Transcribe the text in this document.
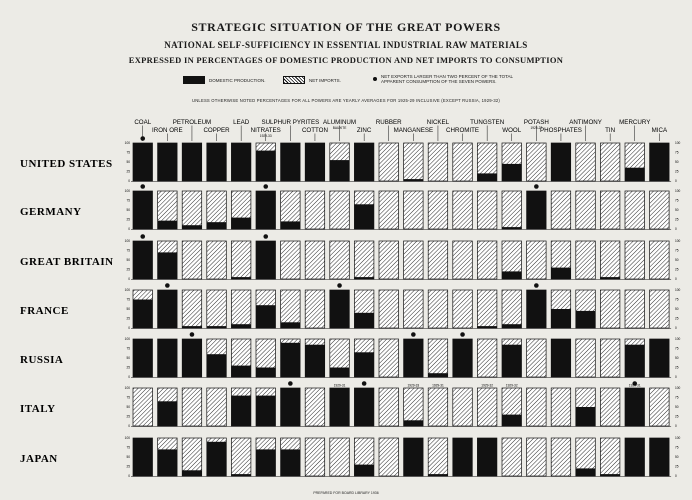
STRATEGIC SITUATION OF THE GREAT POWERS
NATIONAL SELF-SUFFICIENCY IN ESSENTIAL INDUSTRIAL RAW MATERIALS
EXPRESSED IN PERCENTAGES OF DOMESTIC PRODUCTION AND NET IMPORTS TO CONSUMPTION
DOMESTIC PRODUCTION.	NET IMPORTS.
NET EXPORTS LARGER THAN TWO PERCENT OF THE TOTAL APPARENT CONSUMPTION OF THE SEVEN POWERS.
UNLESS OTHERWISE NOTED PERCENTAGES FOR ALL POWERS ARE YEARLY AVERAGES FOR 1925-29 INCLUSIVE (EXCEPT RUSSIA, 1929-32)
COAL
IRON ORE
PETROLEUM
COPPER
LEAD
NITRATES
1929-33
SULPHUR PYRITES
COTTON
ALUMINUM
BAUXITE ZINC
RUBBER
MANGANESE
NICKEL
CHROMITE
TUNGSTEN
WOOL
POTASH
1925-27
PHOSPHATES
ANTIMONY
TIN
MERCURY
MICA
UNITED STATES
100	100
75	75
50	50
25	25
0	0
GERMANY
100	100
75	75
50	50
25	25
0	0
GREAT BRITAIN
100	100
75	75
50	50
25	25
0	0
FRANCE
100	100
75	75
50	50
25	25
0	0
RUSSIA
100	100
75	75
50	50
25	25
0	0
ITALY
100	100
75	75
50	50
25	25
0	0
1929-31	1929-33	1929-31	1929-32	1929-32	1929-31
JAPAN
100	100
75	75
50	50
25	25
0	0
PREPARED FOR BOARD LIBRARY 1936
